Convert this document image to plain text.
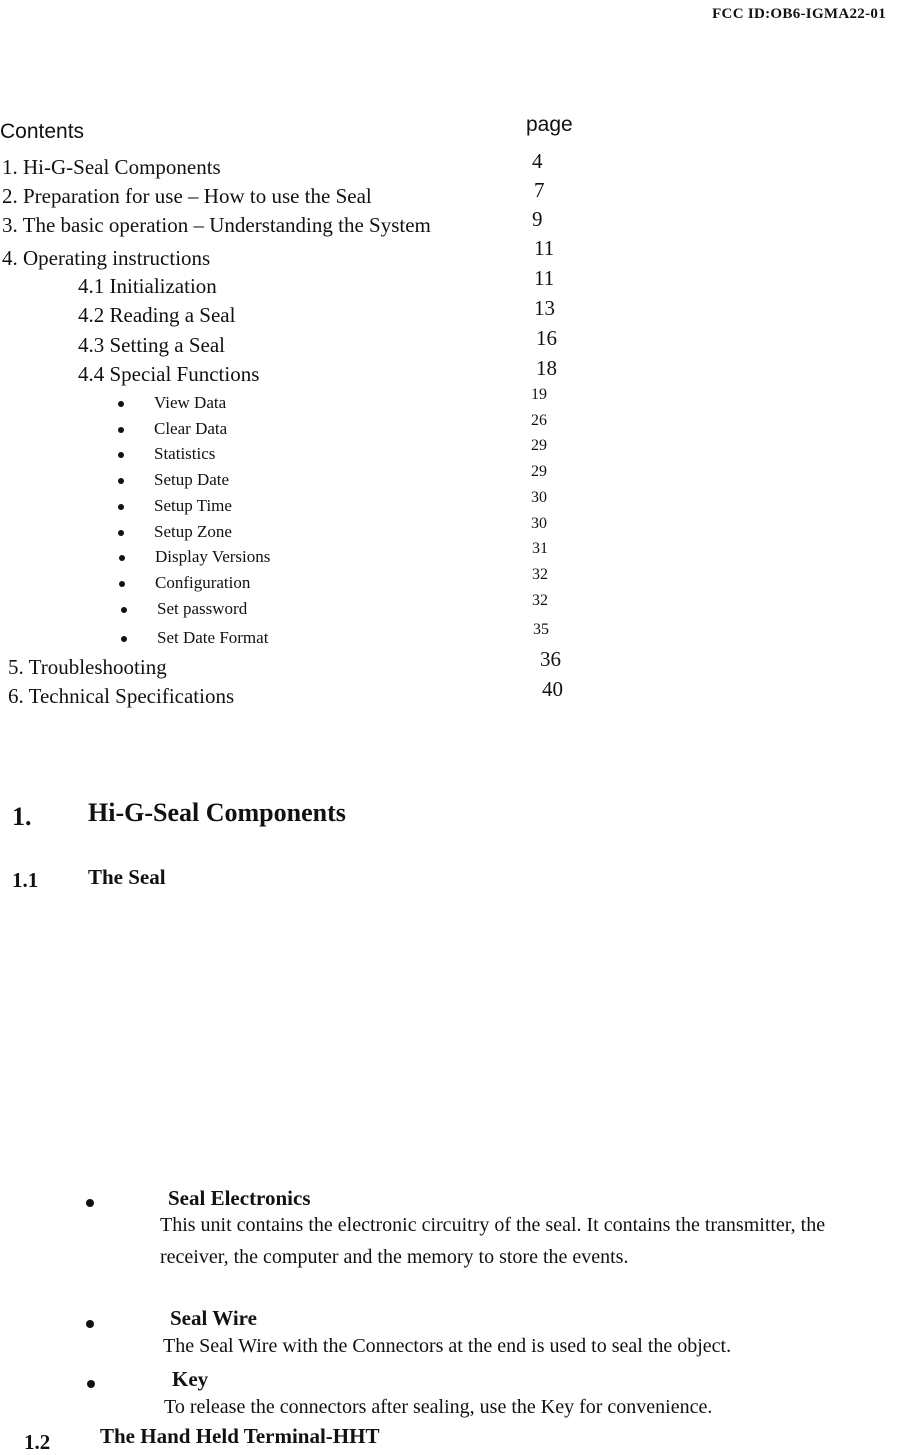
FCC ID:OB6-IGMA22-01
Contents	page
1. Hi-G-Seal Components	4
2. Preparation for use – How to use the Seal	7
3. The basic operation – Understanding the System	9
4. Operating instructions	11
4.1 Initialization	11
4.2 Reading a Seal	13
4.3 Setting a Seal	16
4.4 Special Functions	18
View Data	19
Clear Data	26
Statistics	29
Setup Date	29
Setup Time	30
Setup Zone	30
Display Versions	31
Configuration	32
Set password	32
Set Date Format	35
5. Troubleshooting	36
6. Technical Specifications	40
1. Hi-G-Seal Components
1.1 The Seal
Seal Electronics
This unit contains the electronic circuitry of the seal. It contains the transmitter, the receiver, the computer and the memory to store the events.
Seal Wire
The Seal Wire with the Connectors at the end is used to seal the object.
Key
To release the connectors after sealing, use the Key for convenience.
1.2 The Hand Held Terminal-HHT
